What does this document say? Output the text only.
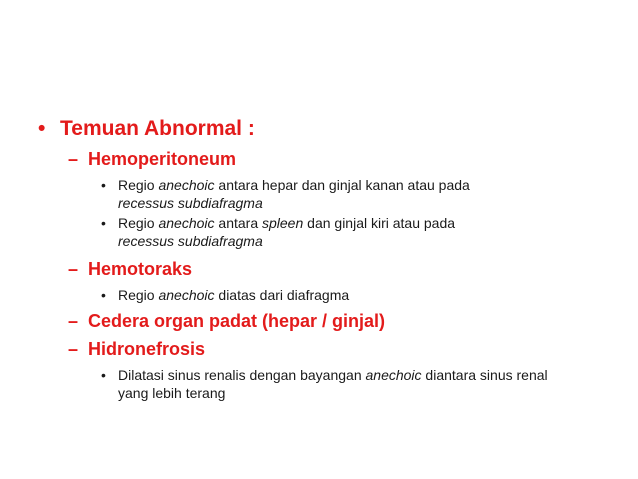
• Temuan Abnormal :
– Hemoperitoneum
• Regio anechoic antara hepar dan ginjal kanan atau pada
recessus subdiafragma
• Regio anechoic antara spleen dan ginjal kiri atau pada
recessus subdiafragma
– Hemotoraks
• Regio anechoic diatas dari diafragma
– Cedera organ padat (hepar / ginjal)
– Hidronefrosis
• Dilatasi sinus renalis dengan bayangan anechoic diantara sinus renal yang lebih terang
